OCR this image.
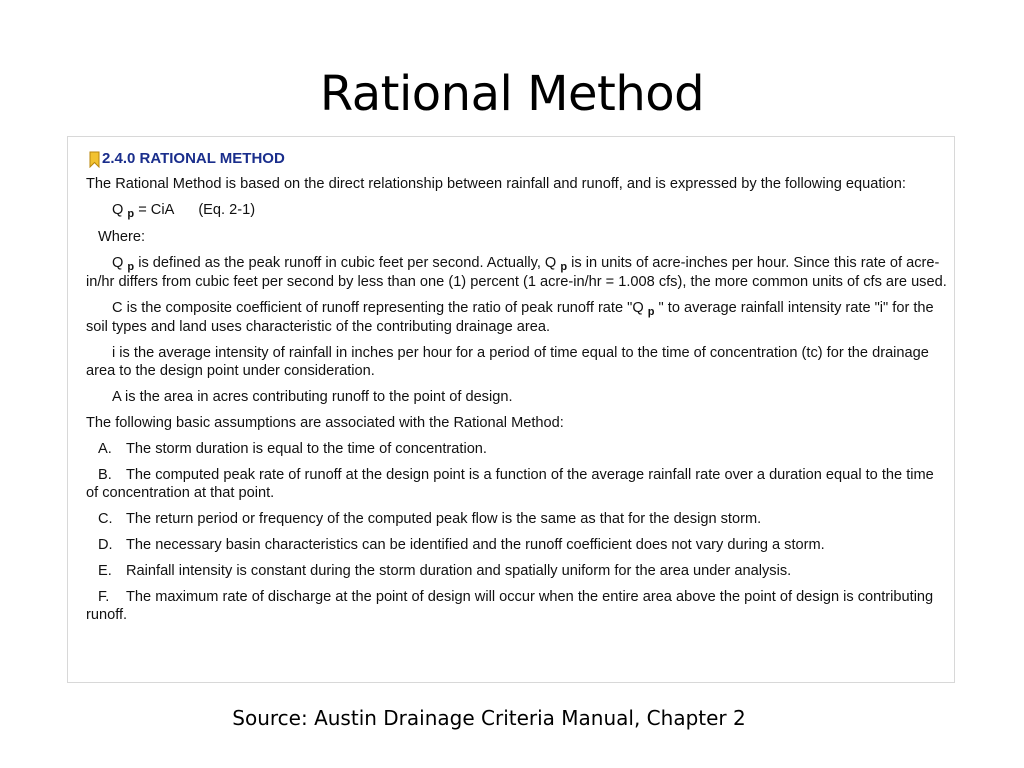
Rational Method
2.4.0 RATIONAL METHOD

The Rational Method is based on the direct relationship between rainfall and runoff, and is expressed by the following equation:

Q $_p$ = CiA (Eq. 2-1)

Where:

Q $_p$ is defined as the peak runoff in cubic feet per second. Actually, Q $_p$ is in units of acre-inches per hour. Since this rate of acre-in/hr differs from cubic feet per second by less than one (1) percent (1 acre-in/hr = 1.008 cfs), the more common units of cfs are used.

C is the composite coefficient of runoff representing the ratio of peak runoff rate "Q $_p$ " to average rainfall intensity rate "i" for the soil types and land uses characteristic of the contributing drainage area.

i is the average intensity of rainfall in inches per hour for a period of time equal to the time of concentration (tc) for the drainage area to the design point under consideration.

A is the area in acres contributing runoff to the point of design.

The following basic assumptions are associated with the Rational Method:

A. The storm duration is equal to the time of concentration.

B. The computed peak rate of runoff at the design point is a function of the average rainfall rate over a duration equal to the time of concentration at that point.

C. The return period or frequency of the computed peak flow is the same as that for the design storm.

D. The necessary basin characteristics can be identified and the runoff coefficient does not vary during a storm.

E. Rainfall intensity is constant during the storm duration and spatially uniform for the area under analysis.

F. The maximum rate of discharge at the point of design will occur when the entire area above the point of design is contributing runoff.

Source: Austin Drainage Criteria Manual, Chapter 2
